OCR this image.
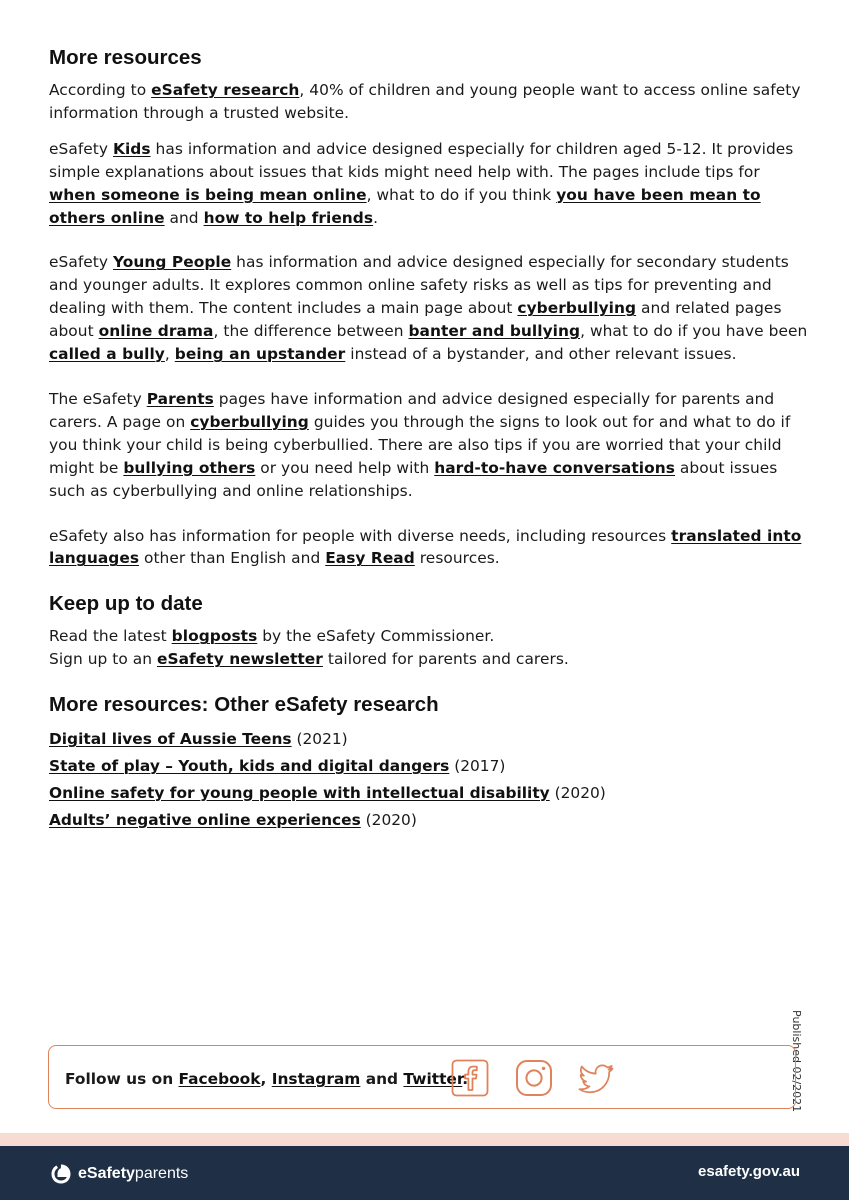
More resources

According to eSafety research, 40% of children and young people want to access online safety information through a trusted website.

eSafety Kids has information and advice designed especially for children aged 5-12. It provides simple explanations about issues that kids might need help with. The pages include tips for when someone is being mean online, what to do if you think you have been mean to others online and how to help friends.

eSafety Young People has information and advice designed especially for secondary students and younger adults. It explores common online safety risks as well as tips for preventing and dealing with them. The content includes a main page about cyberbullying and related pages about online drama, the difference between banter and bullying, what to do if you have been called a bully, being an upstander instead of a bystander, and other relevant issues.

The eSafety Parents pages have information and advice designed especially for parents and carers. A page on cyberbullying guides you through the signs to look out for and what to do if you think your child is being cyberbullied. There are also tips if you are worried that your child might be bullying others or you need help with hard-to-have conversations about issues such as cyberbullying and online relationships.

eSafety also has information for people with diverse needs, including resources translated into languages other than English and Easy Read resources.

Keep up to date

Read the latest blogposts by the eSafety Commissioner.
Sign up to an eSafety newsletter tailored for parents and carers.

More resources: Other eSafety research
Digital lives of Aussie Teens (2021)
State of play – Youth, kids and digital dangers (2017)
Online safety for young people with intellectual disability (2020)
Adults’ negative online experiences (2020)
Published 02/2021
Follow us on Facebook, Instagram and Twitter.
eSafetyparents	esafety.gov.au
